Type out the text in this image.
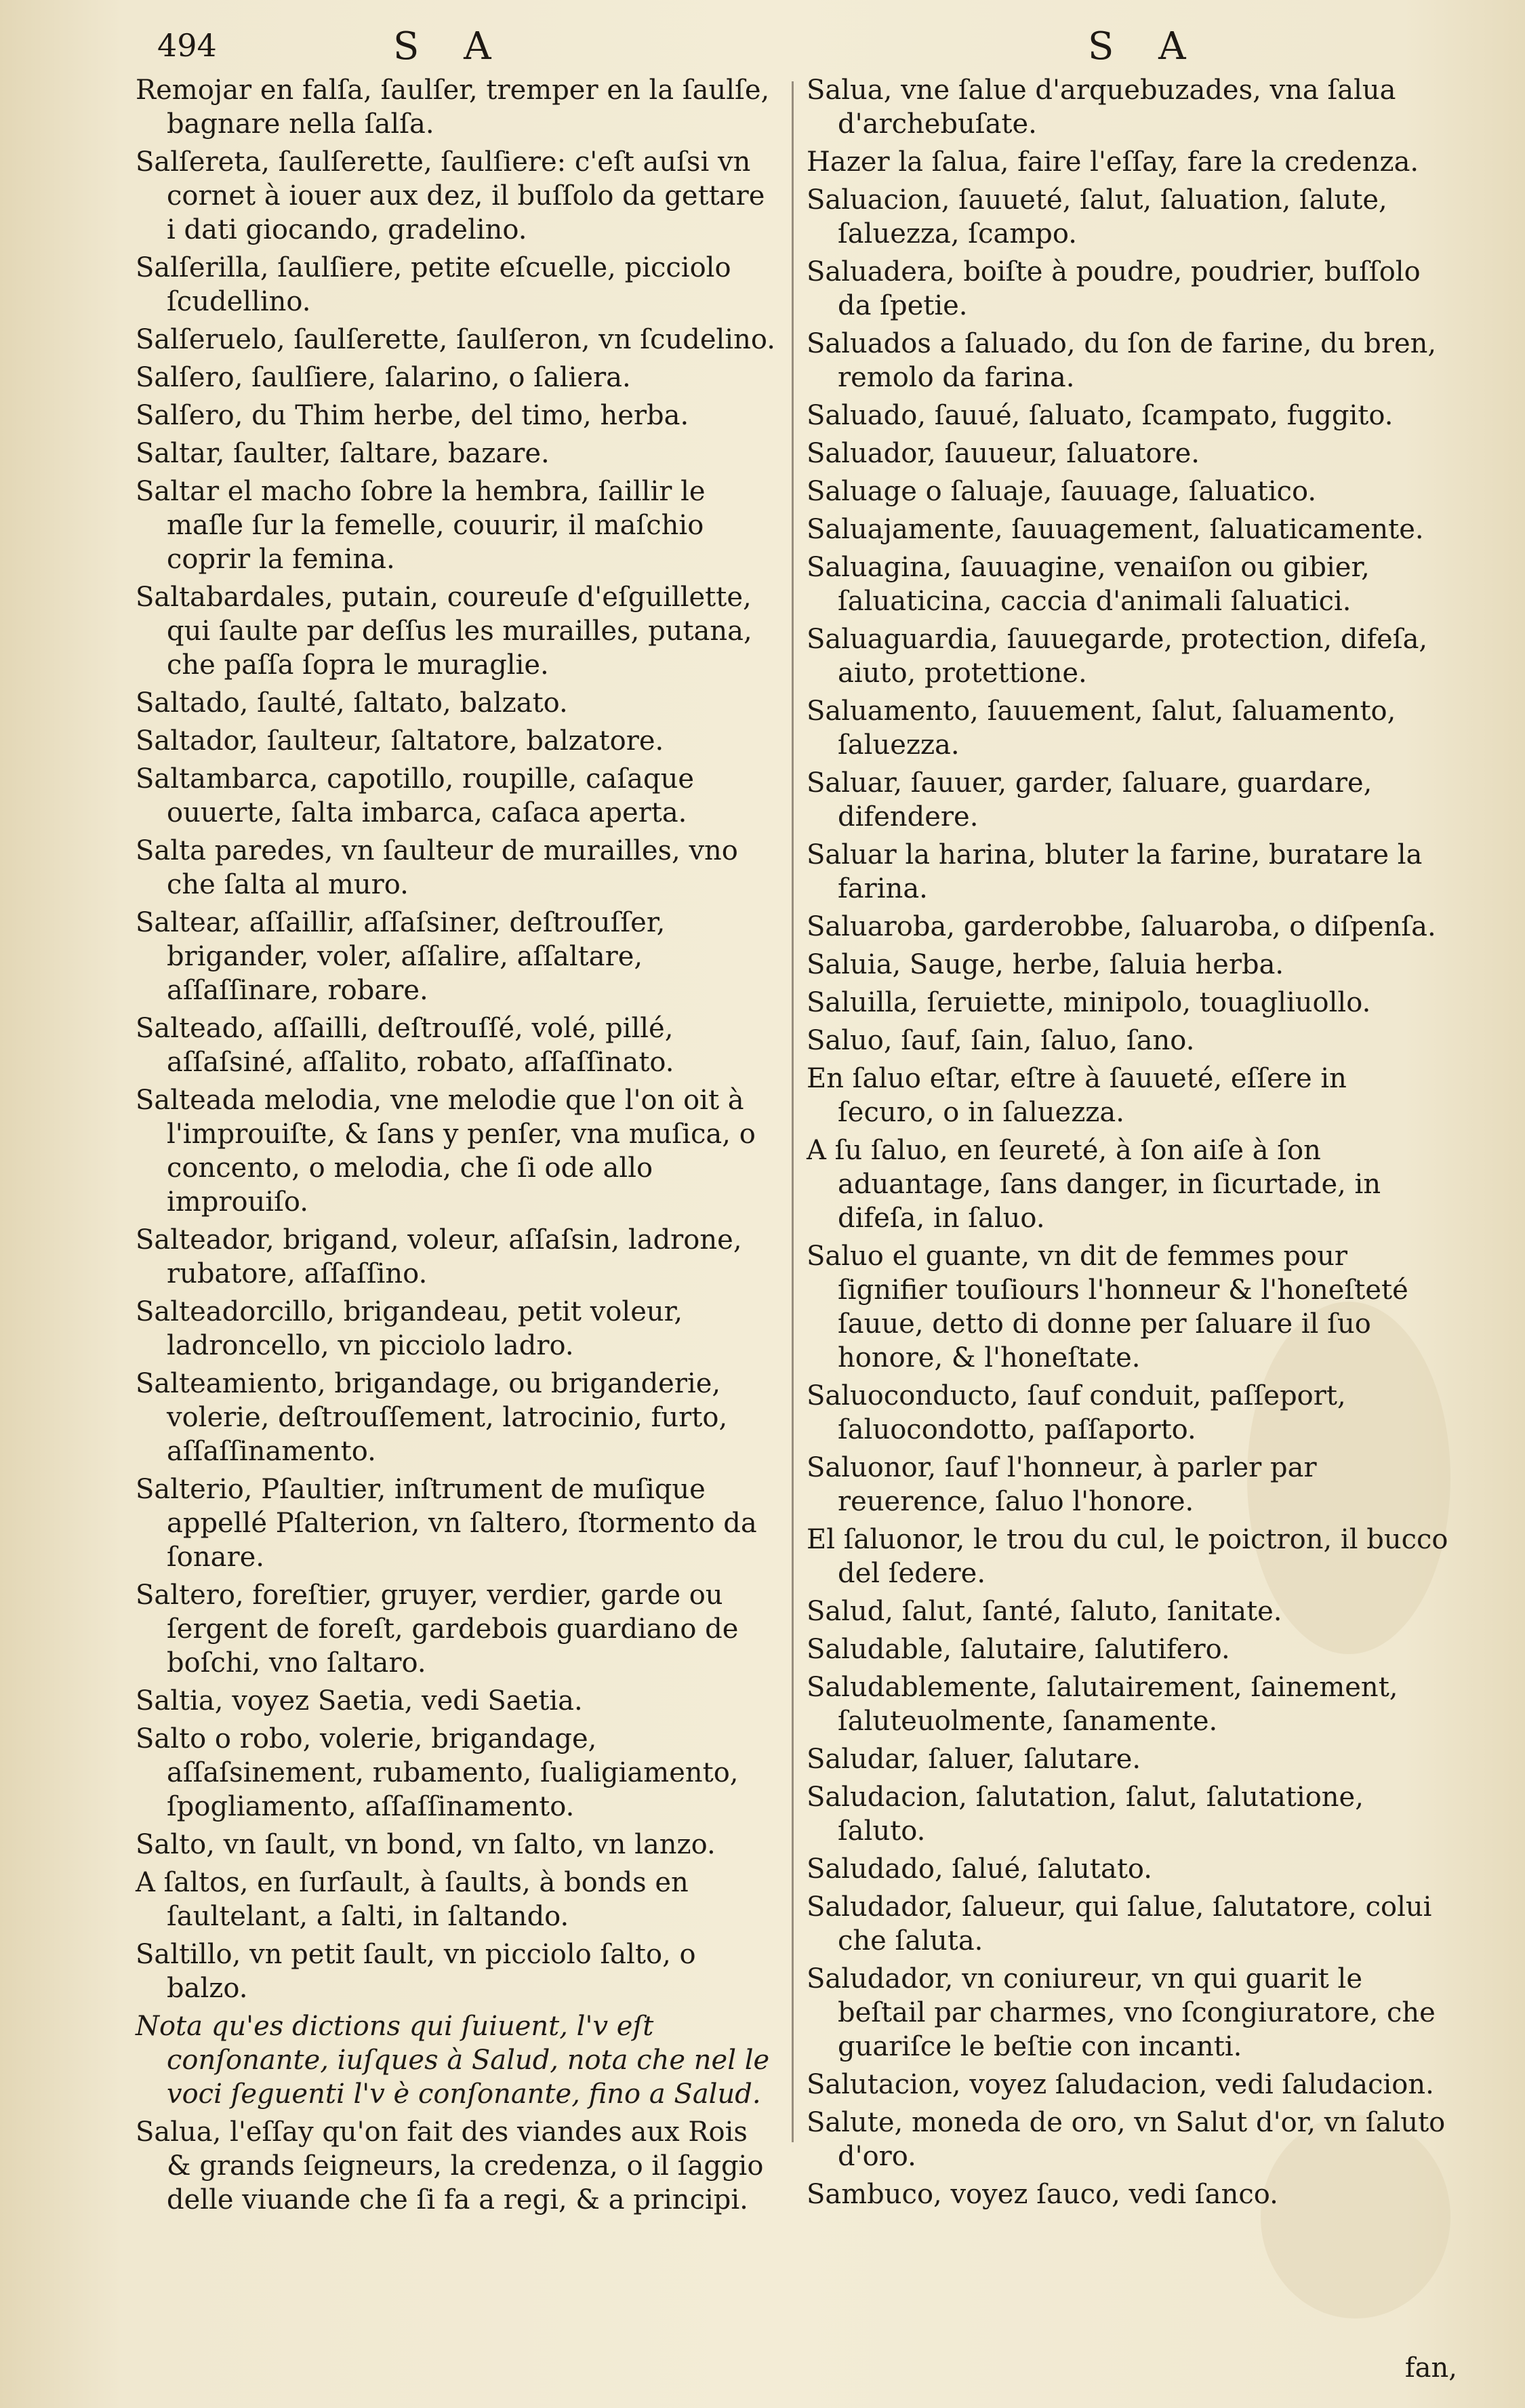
494	S A	S A

Remojar en falſa, ſaulſer, tremper en la ſaulſe, bagnare nella ſalſa.

Salſereta, ſaulſerette, ſaulſiere: c'eſt auſsi vn cornet à iouer aux dez, il buſſolo da gettare i dati giocando, gradelino.

Salſerilla, ſaulſiere, petite eſcuelle, picciolo ſcudellino.

Salſeruelo, ſaulſerette, ſaulſeron, vn ſcudelino.

Salſero, ſaulſiere, ſalarino, o ſaliera.

Salſero, du Thim herbe, del timo, herba.

Saltar, ſaulter, ſaltare, bazare.

Saltar el macho ſobre la hembra, ſaillir le maſle ſur la femelle, couurir, il maſchio coprir la femina.

Saltabardales, putain, coureuſe d'eſguillette, qui ſaulte par deſſus les murailles, putana, che paſſa ſopra le muraglie.

Saltado, ſaulté, ſaltato, balzato.

Saltador, ſaulteur, ſaltatore, balzatore.

Saltambarca, capotillo, roupille, caſaque ouuerte, ſalta imbarca, caſaca aperta.

Salta paredes, vn ſaulteur de murailles, vno che ſalta al muro.

Saltear, aſſaillir, aſſaſsiner, deſtrouſſer, brigander, voler, aſſalire, aſſaltare, aſſaſſinare, robare.

Salteado, aſſailli, deſtrouſſé, volé, pillé, aſſaſsiné, aſſalito, robato, aſſaſſinato.

Salteada melodia, vne melodie que l'on oit à l'improuiſte, & ſans y penſer, vna muſica, o concento, o melodia, che ſi ode allo improuiſo.

Salteador, brigand, voleur, aſſaſsin, ladrone, rubatore, aſſaſſino.

Salteadorcillo, brigandeau, petit voleur, ladroncello, vn picciolo ladro.

Salteamiento, brigandage, ou briganderie, volerie, deſtrouſſement, latrocinio, furto, aſſaſſinamento.

Salterio, Pſaultier, inſtrument de muſique appellé Pſalterion, vn ſaltero, ſtormento da ſonare.

Saltero, foreſtier, gruyer, verdier, garde ou ſergent de foreſt, gardebois guardiano de boſchi, vno ſaltaro.

Saltia, voyez Saetia, vedi Saetia.

Salto o robo, volerie, brigandage, aſſaſsinement, rubamento, ſualigiamento, ſpogliamento, aſſaſſinamento.

Salto, vn ſault, vn bond, vn ſalto, vn lanzo.

A ſaltos, en ſurſault, à ſaults, à bonds en ſaultelant, a ſalti, in ſaltando.

Saltillo, vn petit ſault, vn picciolo ſalto, o balzo.

Nota qu'es dictions qui ſuiuent, l'v eſt conſonante, iuſques à Salud, nota che nel le voci ſeguenti l'v è conſonante, fino a Salud.

Salua, l'eſſay qu'on fait des viandes aux Rois & grands ſeigneurs, la credenza, o il ſaggio delle viuande che ſi fa a regi, & a principi.

Salua, vne ſalue d'arquebuzades, vna ſalua d'archebuſate.

Hazer la ſalua, faire l'eſſay, fare la credenza.

Saluacion, ſauueté, ſalut, ſaluation, ſalute, ſaluezza, ſcampo.

Saluadera, boiſte à poudre, poudrier, buſſolo da ſpetie.

Saluados a ſaluado, du ſon de farine, du bren, remolo da farina.

Saluado, ſauué, ſaluato, ſcampato, fuggito.

Saluador, ſauueur, ſaluatore.

Saluage o ſaluaje, ſauuage, ſaluatico.

Saluajamente, ſauuagement, ſaluaticamente.

Saluagina, ſauuagine, venaiſon ou gibier, ſaluaticina, caccia d'animali ſaluatici.

Saluaguardia, ſauuegarde, protection, difeſa, aiuto, protettione.

Saluamento, ſauuement, ſalut, ſaluamento, ſaluezza.

Saluar, ſauuer, garder, ſaluare, guardare, difendere.

Saluar la harina, bluter la farine, buratare la farina.

Saluaroba, garderobbe, ſaluaroba, o diſpenſa.

Saluia, Sauge, herbe, ſaluia herba.

Saluilla, ſeruiette, minipolo, touagliuollo.

Saluo, ſauf, ſain, ſaluo, ſano.

En ſaluo eſtar, eſtre à ſauueté, eſſere in ſecuro, o in ſaluezza.

A ſu ſaluo, en ſeureté, à ſon aiſe à ſon aduantage, ſans danger, in ſicurtade, in difeſa, in ſaluo.

Saluo el guante, vn dit de femmes pour ſignifier touſiours l'honneur & l'honeſteté ſauue, detto di donne per ſaluare il ſuo honore, & l'honeſtate.

Saluoconducto, ſauf conduit, paſſeport, ſaluocondotto, paſſaporto.

Saluonor, ſauf l'honneur, à parler par reuerence, ſaluo l'honore.

El ſaluonor, le trou du cul, le poictron, il bucco del ſedere.

Salud, ſalut, ſanté, ſaluto, ſanitate.

Saludable, ſalutaire, ſalutifero.

Saludablemente, ſalutairement, ſainement, ſaluteuolmente, ſanamente.

Saludar, ſaluer, ſalutare.

Saludacion, ſalutation, ſalut, ſalutatione, ſaluto.

Saludado, ſalué, ſalutato.

Saludador, ſalueur, qui ſalue, ſalutatore, colui che ſaluta.

Saludador, vn coniureur, vn qui guarit le beſtail par charmes, vno ſcongiuratore, che guariſce le beſtie con incanti.

Salutacion, voyez ſaludacion, vedi ſaludacion.

Salute, moneda de oro, vn Salut d'or, vn ſaluto d'oro.

Sambuco, voyez ſauco, vedi ſanco.

fan,
